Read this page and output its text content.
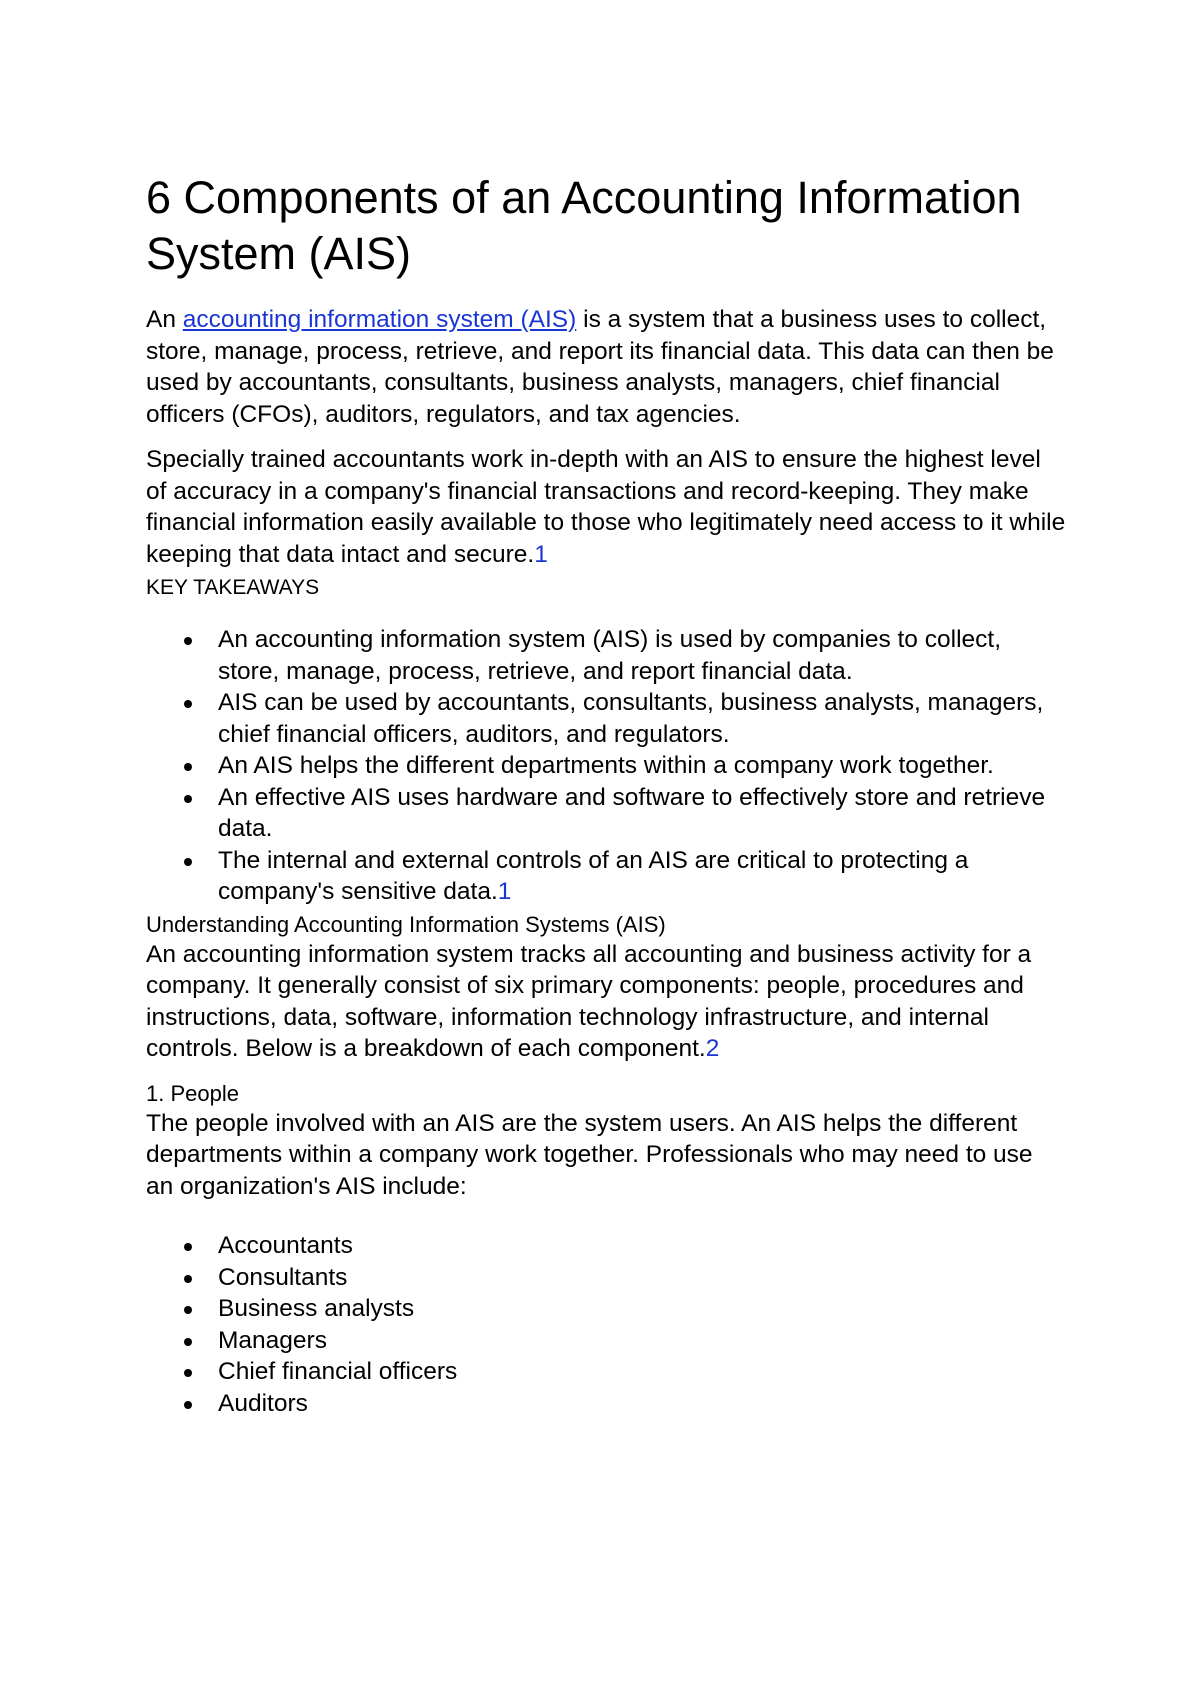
6 Components of an Accounting Information System (AIS)

An accounting information system (AIS) is a system that a business uses to collect, store, manage, process, retrieve, and report its financial data. This data can then be used by accountants, consultants, business analysts, managers, chief financial officers (CFOs), auditors, regulators, and tax agencies.

Specially trained accountants work in-depth with an AIS to ensure the highest level of accuracy in a company's financial transactions and record-keeping. They make financial information easily available to those who legitimately need access to it while keeping that data intact and secure.1

KEY TAKEAWAYS
An accounting information system (AIS) is used by companies to collect, store, manage, process, retrieve, and report financial data.
AIS can be used by accountants, consultants, business analysts, managers, chief financial officers, auditors, and regulators.
An AIS helps the different departments within a company work together.
An effective AIS uses hardware and software to effectively store and retrieve data.
The internal and external controls of an AIS are critical to protecting a company's sensitive data.1
Understanding Accounting Information Systems (AIS)

An accounting information system tracks all accounting and business activity for a company. It generally consist of six primary components: people, procedures and instructions, data, software, information technology infrastructure, and internal controls. Below is a breakdown of each component.2

1. People

The people involved with an AIS are the system users. An AIS helps the different departments within a company work together. Professionals who may need to use an organization's AIS include:

Accountants
Consultants
Business analysts
Managers
Chief financial officers
Auditors
